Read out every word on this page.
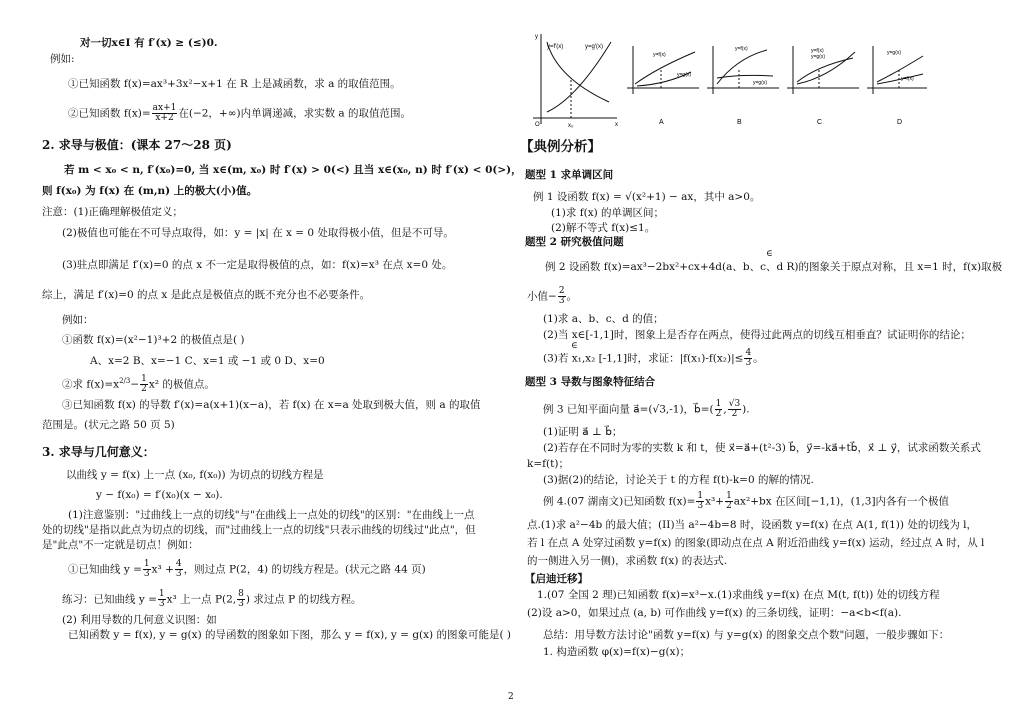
对一切x∈I 有 f′(x) ≥ (≤)0.
例如:
①已知函数 f(x)=ax³+3x²−x+1 在 R 上是减函数，求 a 的取值范围。
②已知函数 $f(x)= \frac{ax+1}{x+2}$ 在(−2，+∞)内单调递减，求实数 a 的取值范围。
2. 求导与极值：(课本 27～28 页)
若 m < x₀ < n, f′(x₀)=0, 当 x∈(m, x₀) 时 f′(x) > 0(<) 且当 x∈(x₀, n) 时 f′(x) < 0(>)，
则 f(x₀) 为 f(x) 在 (m,n) 上的极大(小)值。
注意：(1)正确理解极值定义；
(2)极值也可能在不可导点取得，如：y = |x| 在 x = 0 处取得极小值，但是不可导。
(3)驻点即满足 f′(x)=0 的点 x 不一定是取得极值的点，如：f(x)=x³ 在点 x=0 处。
综上，满足 f′(x)=0 的点 x 是此点是极值点的既不充分也不必要条件。
例如：
①函数 f(x)=(x²−1)³+2 的极值点是( )
A、x=2 B、x=−1 C、x=1 或 −1 或 0 D、x=0
②求 $f(x)=x^{2/3}- \frac{1}{2} x^2$ 的极值点。
③已知函数 f(x) 的导数 f′(x)=a(x+1)(x−a)，若 f(x) 在 x=a 处取到极大值，则 a 的取值
范围是。(状元之路 50 页 5)
3. 求导与几何意义：
以曲线 y = f(x) 上一点 (x₀, f(x₀)) 为切点的切线方程是
y − f(x₀) = f′(x₀)(x − x₀).
(1)注意鉴别："过曲线上一点的切线"与"在曲线上一点处的切线"的区别："在曲线上一点
处的切线"是指以此点为切点的切线，而"过曲线上一点的切线"只表示曲线的切线过"此点"，但
是"此点"不一定就是切点！例如：
①已知曲线 $y = \frac{1}{3} x^3 + \frac{4}{3}$ ，则过点 P(2，4) 的切线方程是。(状元之路 44 页)
练习：已知曲线 $y = \frac{1}{3} x^3$ 上一点 P(2, $\frac{8}{3}$ ) 求过点 P 的切线方程。
(2) 利用导数的几何意义识图：如
已知函数 y = f(x), y = g(x) 的导函数的图象如下图，那么 y = f(x), y = g(x) 的图象可能是( )
y=f′(x)	y=g′(x)
y
O	x₀	x
y=f(x)
y=g(x)
A
y=f(x)
y=g(x)
B
y=f(x)
y=g(x)
C
y=g(x)
y=f(x)
D
【典例分析】
题型 1 求单调区间
例 1 设函数 f(x) = √(x²+1) − ax，其中 a>0。
(1)求 f(x) 的单调区间；
(2)解不等式 f(x)≤1。
题型 2 研究极值问题
∈
例 2 设函数 f(x)=ax³−2bx²+cx+4d(a、b、c、d R)的图象关于原点对称，且 x=1 时，f(x)取极
小值− $\frac{2}{3}$ 。
(1)求 a、b、c、d 的值；
(2)当 x∈[-1,1]时，图象上是否存在两点，使得过此两点的切线互相垂直？试证明你的结论；
∈
(3)若 x₁,x₂ [-1,1]时，求证：$|f(x_1)-f(x_2)|\le \frac{4}{3}$ 。
题型 3 导数与图象特征结合
例 3 已知平面向量 a⃗=(√3,-1)，b⃗=( $\frac{1}{2}$ , $\frac{√3}{2}$ ).
(1)证明 a⃗ ⊥ b⃗；
(2)若存在不同时为零的实数 k 和 t，使 x⃗=a⃗+(t²-3) b⃗，y⃗=-ka⃗+tb⃗，x⃗ ⊥ y⃗，试求函数关系式
k=f(t)；
(3)据(2)的结论，讨论关于 t 的方程 f(t)-k=0 的解的情况.
例 4.(07 湖南文)已知函数 $f(x)= \frac{1}{3} x^3+ \frac{1}{2} ax^2+bx$ 在区间[−1,1)，(1,3]内各有一个极值
点.(1)求 a²−4b 的最大值；(II)当 a²−4b=8 时，设函数 y=f(x) 在点 A(1, f(1)) 处的切线为 l，
若 l 在点 A 处穿过函数 y=f(x) 的图象(即动点在点 A 附近沿曲线 y=f(x) 运动，经过点 A 时，从 l
的一侧进入另一侧)，求函数 f(x) 的表达式.
【启迪迁移】
1.(07 全国 2 理)已知函数 f(x)=x³−x.(1)求曲线 y=f(x) 在点 M(t, f(t)) 处的切线方程
(2)设 a>0，如果过点 (a, b) 可作曲线 y=f(x) 的三条切线，证明：−a<b<f(a).
总结：用导数方法讨论"函数 y=f(x) 与 y=g(x) 的图象交点个数"问题，一般步骤如下：
1. 构造函数 φ(x)=f(x)−g(x)；
2
